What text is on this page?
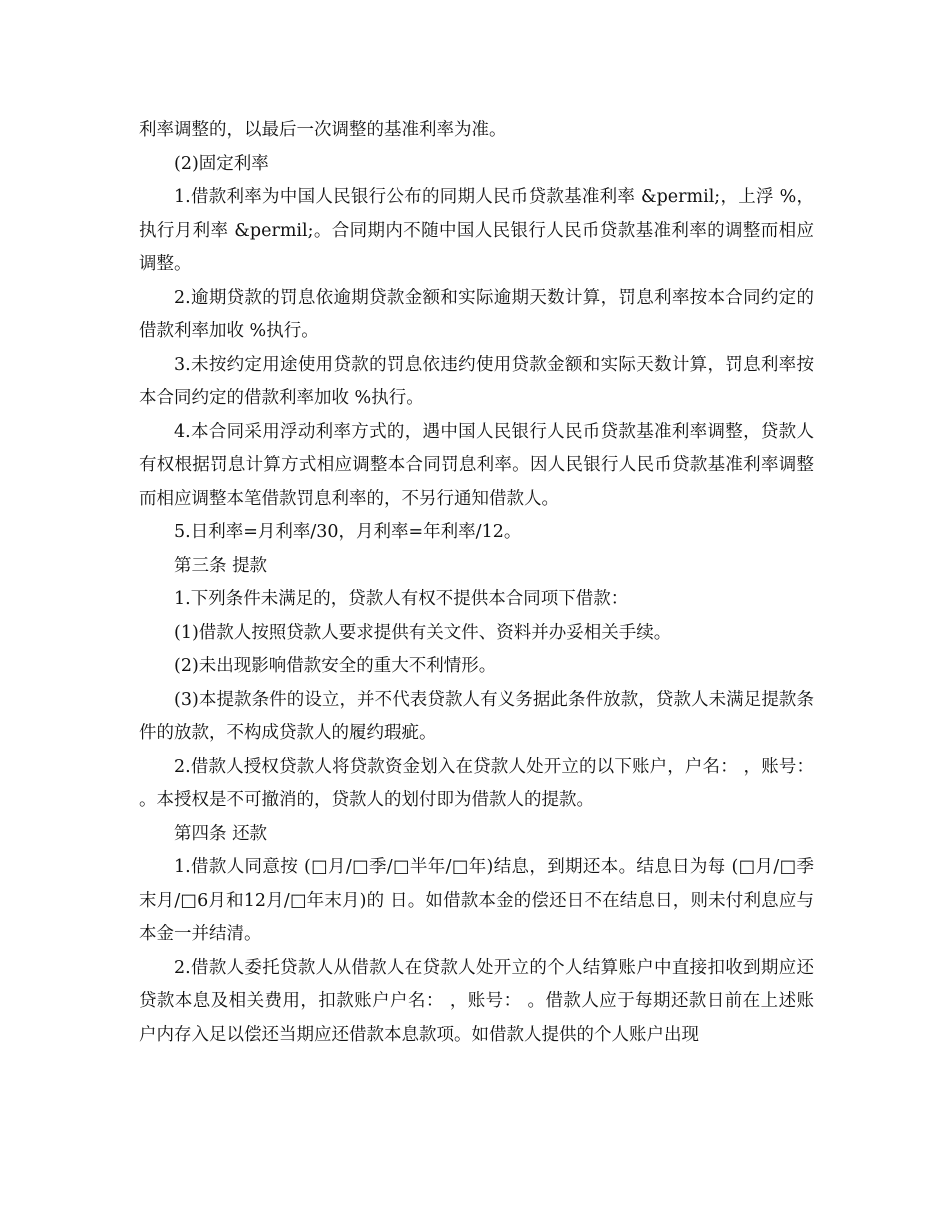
利率调整的，以最后一次调整的基准利率为准。

(2)固定利率

1.借款利率为中国人民银行公布的同期人民币贷款基准利率 &permil;，上浮 %，执行月利率 &permil;。合同期内不随中国人民银行人民币贷款基准利率的调整而相应调整。

2.逾期贷款的罚息依逾期贷款金额和实际逾期天数计算，罚息利率按本合同约定的借款利率加收 %执行。

3.未按约定用途使用贷款的罚息依违约使用贷款金额和实际天数计算，罚息利率按本合同约定的借款利率加收 %执行。

4.本合同采用浮动利率方式的，遇中国人民银行人民币贷款基准利率调整，贷款人有权根据罚息计算方式相应调整本合同罚息利率。因人民银行人民币贷款基准利率调整而相应调整本笔借款罚息利率的，不另行通知借款人。

5.日利率=月利率/30，月利率=年利率/12。

第三条 提款

1.下列条件未满足的，贷款人有权不提供本合同项下借款：

(1)借款人按照贷款人要求提供有关文件、资料并办妥相关手续。

(2)未出现影响借款安全的重大不利情形。

(3)本提款条件的设立，并不代表贷款人有义务据此条件放款，贷款人未满足提款条件的放款，不构成贷款人的履约瑕疵。

2.借款人授权贷款人将贷款资金划入在贷款人处开立的以下账户，户名： ，账号： 。本授权是不可撤消的，贷款人的划付即为借款人的提款。

第四条 还款

1.借款人同意按 (□月/□季/□半年/□年)结息，到期还本。结息日为每 (□月/□季末月/□6月和12月/□年末月)的 日。如借款本金的偿还日不在结息日，则未付利息应与本金一并结清。

2.借款人委托贷款人从借款人在贷款人处开立的个人结算账户中直接扣收到期应还贷款本息及相关费用，扣款账户户名： ，账号： 。借款人应于每期还款日前在上述账户内存入足以偿还当期应还借款本息款项。如借款人提供的个人账户出现
